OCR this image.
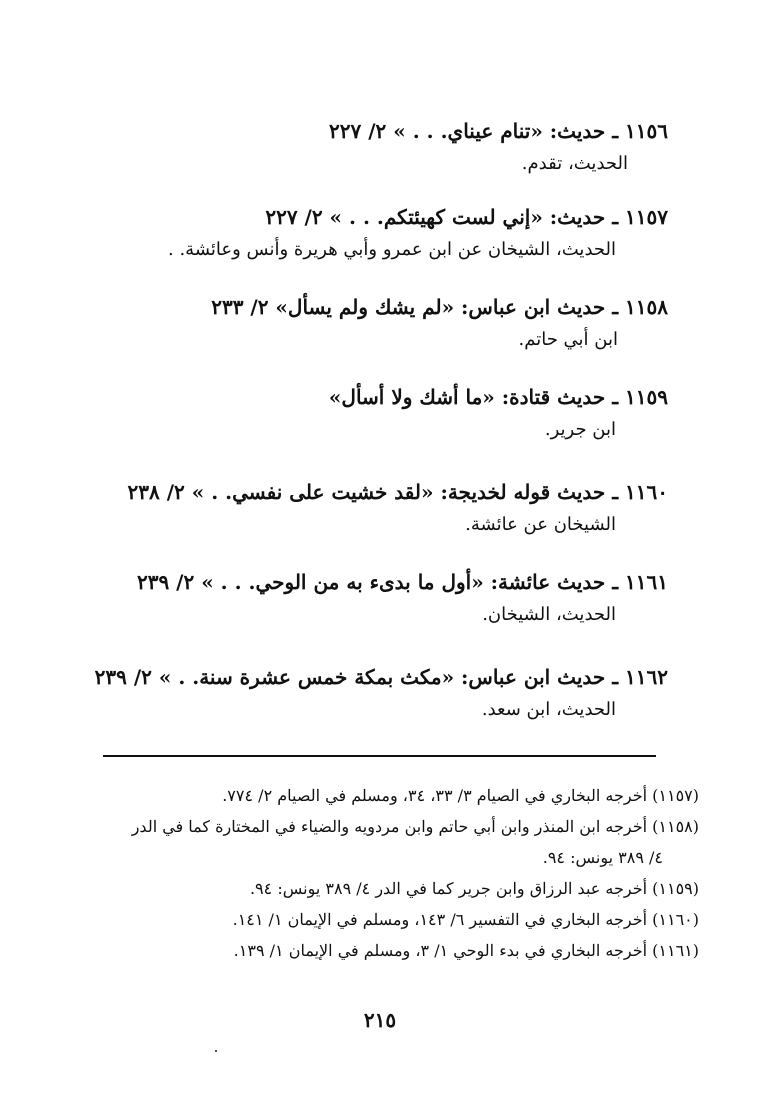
١١٥٦ ـ حديث: «تنام عيناي. . . » ٢/ ٢٢٧
الحديث، تقدم.
١١٥٧ ـ حديث: «إني لست كهيئتكم. . . » ٢/ ٢٢٧
الحديث، الشيخان عن ابن عمرو وأبي هريرة وأنس وعائشة. .
١١٥٨ ـ حديث ابن عباس: «لم يشك ولم يسأل» ٢/ ٢٣٣
ابن أبي حاتم.
١١٥٩ ـ حديث قتادة: «ما أشك ولا أسأل»
ابن جرير.
١١٦٠ ـ حديث قوله لخديجة: «لقد خشيت على نفسي. . » ٢/ ٢٣٨
الشيخان عن عائشة.
١١٦١ ـ حديث عائشة: «أول ما بدىء به من الوحي. . . » ٢/ ٢٣٩
الحديث، الشيخان.
١١٦٢ ـ حديث ابن عباس: «مكث بمكة خمس عشرة سنة. . » ٢/ ٢٣٩
الحديث، ابن سعد.
(١١٥٧) أخرجه البخاري في الصيام ٣/ ٣٣، ٣٤، ومسلم في الصيام ٢/ ٧٧٤.
(١١٥٨) أخرجه ابن المنذر وابن أبي حاتم وابن مردويه والضياء في المختارة كما في الدر
٤/ ٣٨٩ يونس: ٩٤.
(١١٥٩) أخرجه عبد الرزاق وابن جرير كما في الدر ٤/ ٣٨٩ يونس: ٩٤.
(١١٦٠) أخرجه البخاري في التفسير ٦/ ١٤٣، ومسلم في الإيمان ١/ ١٤١.
(١١٦١) أخرجه البخاري في بدء الوحي ١/ ٣، ومسلم في الإيمان ١/ ١٣٩.
٢١٥
